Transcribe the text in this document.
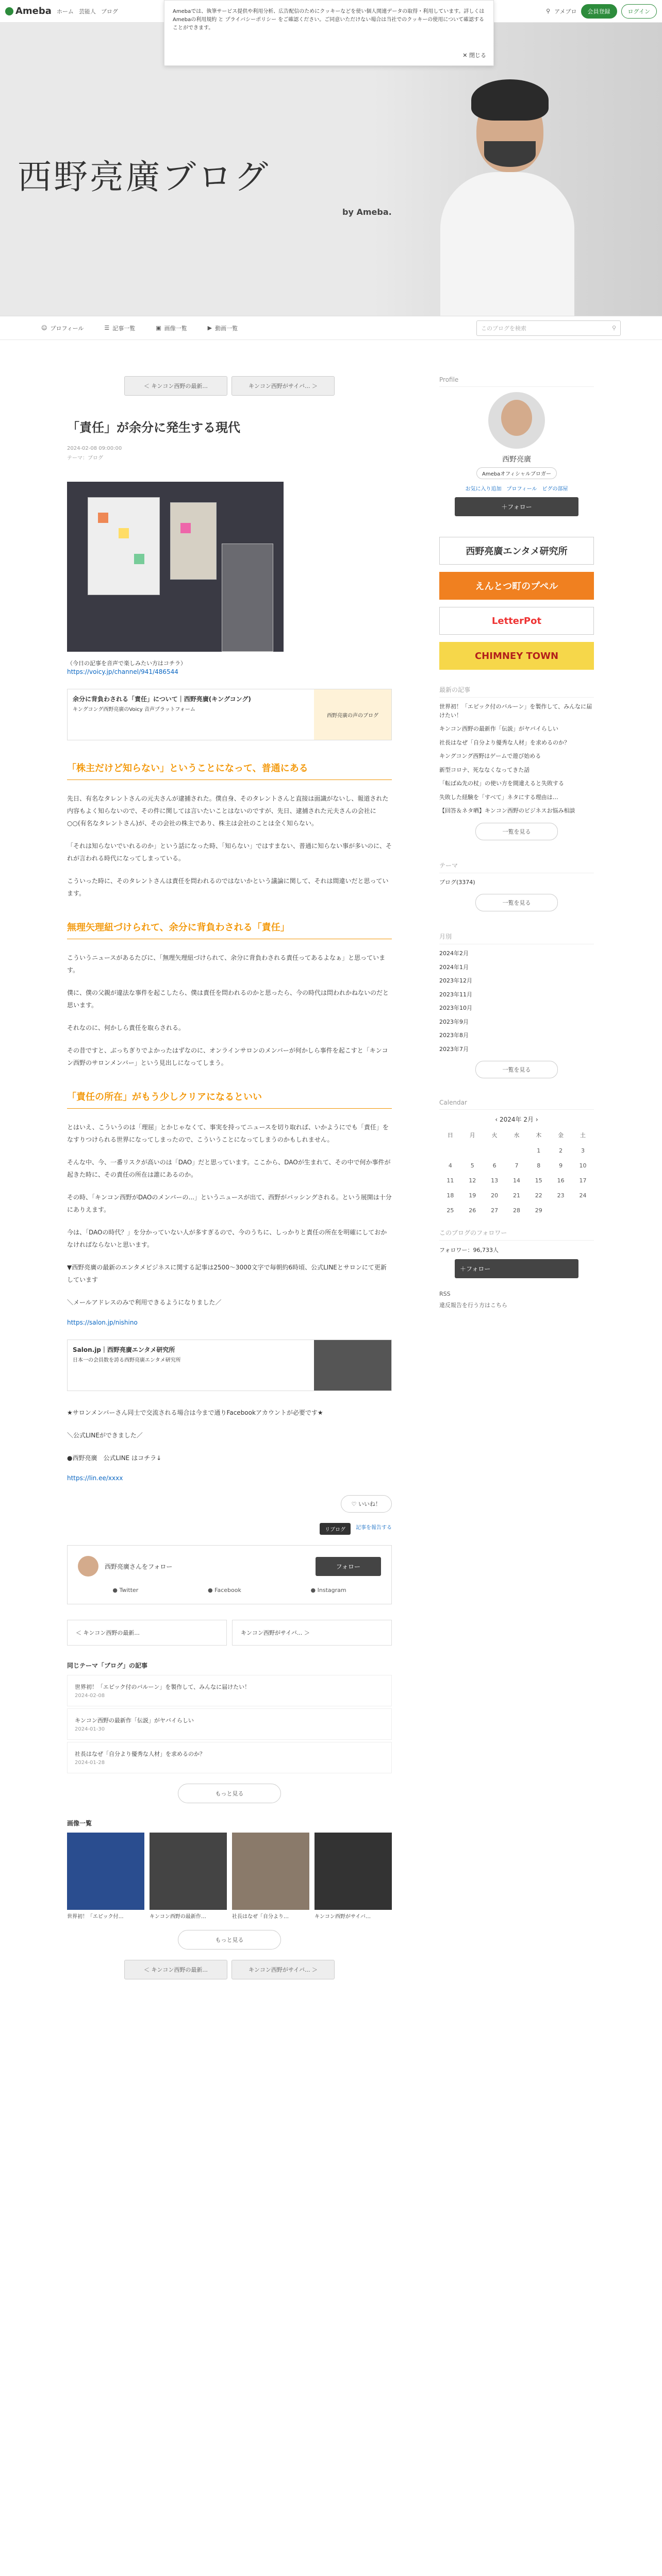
Ameba ホーム 芸能人 ブログ	⚲ アメブロ	会員登録	ログイン
Amebaでは、執筆サービス提供や利用分析、広告配信のためにクッキーなどを使い個人関連データの取得・利用しています。詳しくは Amebaの利用規約 と プライバシーポリシー をご確認ください。ご同意いただけない場合は当社でのクッキーの使用について確認することができます。
✕ 閉じる
西野亮廣ブログ
by Ameba.
☺ プロフィール	☰ 記事一覧	▣ 画像一覧	▶ 動画一覧	このブログを検索	⚲
＜ キンコン西野の最新...	キンコン西野がサイバ... ＞
「責任」が余分に発生する現代
2024-02-08 09:00:00
テーマ：ブログ
（今日の記事を音声で楽しみたい方はコチラ）
https://voicy.jp/channel/941/486544
余分に背負わされる「責任」について｜西野亮廣(キングコング)
キングコング西野亮廣のVoicy 音声プラットフォーム
西野亮廣の声のブログ
「株主だけど知らない」ということになって、普通にある

先日、有名なタレントさんの元夫さんが逮捕された。僕自身、そのタレントさんと直接は面識がないし、報道された内容もよく知らないので、その件に関しては言いたいことはないのですが、先日、逮捕された元夫さんの会社に○○(有名なタレントさん)が、その会社の株主であり、株主は会社のことは全く知らない。

「それは知らないでいれるのか」という話になった時、「知らない」ではすまない、普通に知らない事が多いのに、それが言われる時代になってしまっている。

こういった時に、そのタレントさんは責任を問われるのではないかという議論に関して、それは間違いだと思っています。

無理矢理紐づけられて、余分に背負わされる「責任」

こういうニュースがあるたびに、「無理矢理紐づけられて、余分に背負わされる責任ってあるよなぁ」と思っています。

僕に、僕の父親が違法な事件を起こしたら、僕は責任を問われるのかと思ったら、今の時代は問われかねないのだと思います。

それなのに、何かしら責任を取らされる。

その昔ですと、ぶっちぎりでよかったはずなのに、オンラインサロンのメンバーが何かしら事件を起こすと「キンコン西野のサロンメンバー」という見出しになってしまう。

「責任の所在」がもう少しクリアになるといい

とはいえ、こういうのは「理屈」とかじゃなくて、事実を持ってニュースを切り取れば、いかようにでも「責任」をなすりつけられる世界になってしまったので、こういうことになってしまうのかもしれません。

そんな中、今、一番リスクが高いのは「DAO」だと思っています。ここから、DAOが生まれて、その中で何か事件が起きた時に、その責任の所在は誰にあるのか。

その時、「キンコン西野がDAOのメンバーの...」というニュースが出て、西野がバッシングされる。という展開は十分にありえます。

今は、「DAOの時代？」を分かっていない人が多すぎるので、今のうちに、しっかりと責任の所在を明確にしておかなければならないと思います。

▼西野亮廣の最新のエンタメビジネスに関する記事は2500〜3000文字で毎朝約6時頃、公式LINEとサロンにて更新しています

＼メールアドレスのみで利用できるようになりました／

https://salon.jp/nishino
Salon.jp｜西野亮廣エンタメ研究所
日本一の会員数を誇る西野亮廣エンタメ研究所

★サロンメンバーさん同士で交流される場合は今まで通りFacebookアカウントが必要です★

＼公式LINEができました／

●西野亮廣　公式LINE はコチラ↓

https://lin.ee/xxxx
♡ いいね！
リブログ	記事を報告する
西野亮廣さんをフォロー	フォロー
● Twitter	● Facebook	● Instagram
＜ キンコン西野の最新...	キンコン西野がサイバ... ＞
同じテーマ「ブログ」の記事
世界初！「エピック付のバルーン」を製作して、みんなに届けたい！
2024-02-08
キンコン西野の最新作「伝説」がヤバイらしい
2024-01-30
社長はなぜ「自分より優秀な人材」を求めるのか？
2024-01-28
もっと見る
画像一覧
世界初！「エピック付…	キンコン西野の最新作…	社長はなぜ「自分より…	キンコン西野がサイバ…
もっと見る
＜ キンコン西野の最新...	キンコン西野がサイバ... ＞
Profile
西野亮廣
Amebaオフィシャルブロガー
お気に入り追加　プロフィール　ピグの部屋
＋フォロー
西野亮廣エンタメ研究所
えんとつ町のプペル
LetterPot
CHIMNEY TOWN
最新の記事
世界初！「エピック付のバルーン」を製作して、みんなに届けたい！
キンコン西野の最新作「伝説」がヤバイらしい
社長はなぜ「自分より優秀な人材」を求めるのか？
キングコング西野はゲームで遊び始める
新型コロナ、死ななくなってきた話
「転ばぬ先の杖」の使い方を間違えると失敗する
失敗した経験を「すべて」ネタにする理由は…
【回答＆ネタ晒】キンコン西野のビジネスお悩み相談
一覧を見る
テーマ
ブログ(3374)
一覧を見る
月別
2024年2月
2024年1月
2023年12月
2023年11月
2023年10月
2023年9月
2023年8月
2023年7月
一覧を見る
Calendar
‹ 2024年 2月 ›
日	月	火	水	木	金	土
				1	2	3
4	5	6	7	8	9	10
11	12	13	14	15	16	17
18	19	20	21	22	23	24
25	26	27	28	29		
このブログのフォロワー
フォロワー：96,733人
＋フォロー
RSS
違反報告を行う方はこちら
